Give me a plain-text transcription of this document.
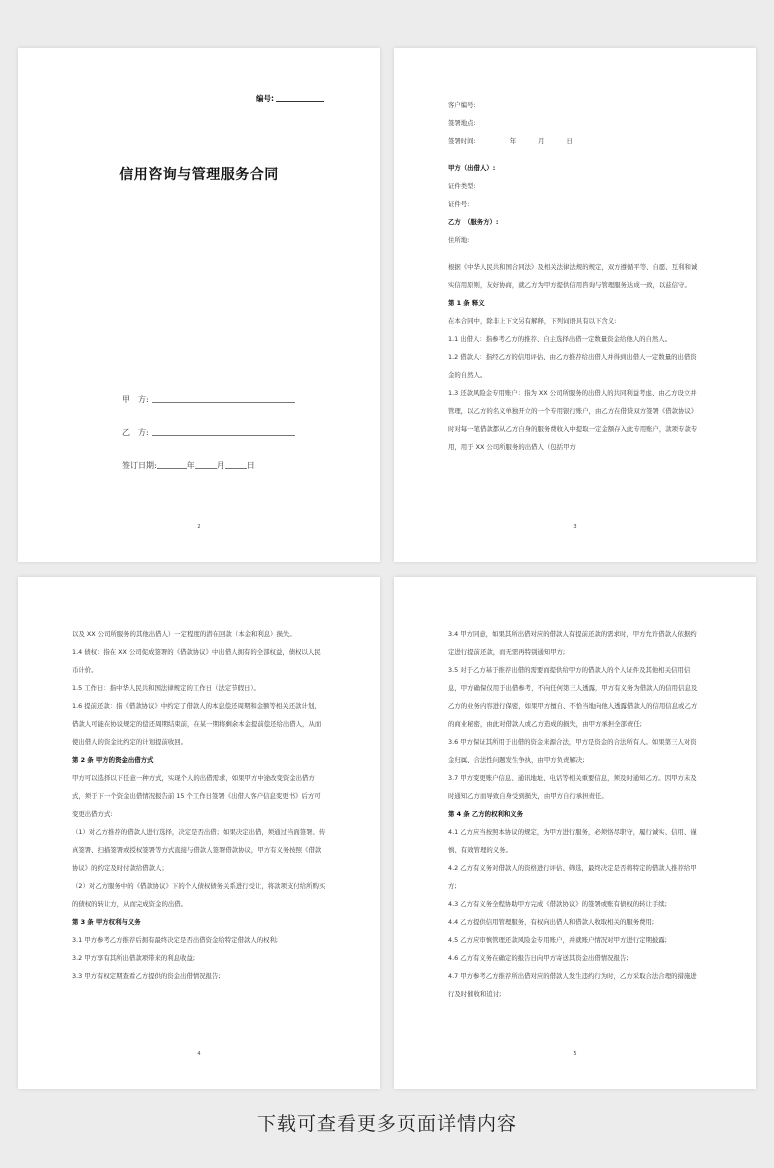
编号:
信用咨询与管理服务合同
甲　方:
乙　方:
签订日期:	年	月	日
2

客户编号:

签署地点:

签署时间:	年	月	日

甲方（出借人）:

证件类型:

证件号:

乙方　（服务方）:

住所地:

根据《中华人民共和国合同法》及相关法律法规的规定，双方遵循平等、自愿、互利和诚实信用原则，友好协商，就乙方为甲方提供信用咨询与管理服务达成一致，以兹信守。

第 1 条 释义

在本合同中，除非上下文另有解释，下列词语具有以下含义:

1.1 出借人：指参考乙方的推荐、自主选择出借一定数量资金给他人的自然人。

1.2 借款人：指经乙方的信用评估、由乙方推荐给出借人并得到出借人一定数量的出借资金的自然人。

1.3 还款风险金专用账户：指为 XX 公司所服务的出借人的共同利益考虑、由乙方设立并管理，以乙方的名义单独开立的一个专用银行账户，由乙方在借贷双方签署《借款协议》时对每一笔借款都从乙方自身的服务费收入中提取一定金额存入此专用账户，款项专款专用，用于 XX 公司所服务的出借人（包括甲方

3

以及 XX 公司所服务的其他出借人）一定程度的潜在回款（本金和利息）损失。

1.4 债权：指在 XX 公司促成签署的《借款协议》中出借人拥有的全部权益，债权以人民币计价。

1.5 工作日：指中华人民共和国法律规定的工作日（法定节假日）。

1.6 提前还款：指《借款协议》中约定了借款人的本息偿还周期和金额等相关还款计划，借款人可能在协议规定的偿还周期结束前，在某一期将剩余本金提前偿还给出借人，从而使出借人的资金比约定的计划提前收回。

第 2 条 甲方的资金出借方式

甲方可以选择以下任意一种方式，实现个人的出借需求，如果甲方中途改变资金出借方式，须于下一个资金出借情况报告前 15 个工作日签署《出借人客户信息变更书》后方可变更出借方式:

（1）对乙方推荐的借款人进行选择，决定是否出借；如果决定出借，须通过当面签署、传真签署、扫描签署或授权签署等方式直接与借款人签署借款协议，甲方有义务按照《借款协议》的约定及时付款给借款人；

（2）对乙方服务中的《借款协议》下的个人债权债务关系进行受让，将款项支付给所购买的债权的转让方，从而完成资金的出借。

第 3 条 甲方权利与义务

3.1 甲方参考乙方推荐后拥有最终决定是否出借资金给特定借款人的权利;

3.2 甲方享有其所出借款项带来的利息收益;

3.3 甲方有权定期查看乙方提供的资金出借情况报告;

4

3.4 甲方同意，如果其所出借对应的借款人有提前还款的需求时，甲方允许借款人依据约定进行提前还款，而无需再特别通知甲方;

3.5 对于乙方基于推荐出借的需要而提供给甲方的借款人的个人证件及其他相关信用信息，甲方确保仅用于出借参考，不向任何第三人透露，甲方有义务为借款人的信用信息及乙方的业务内容进行保密，如果甲方擅自、不恰当地向他人透露借款人的信用信息或乙方的商业秘密，由此对借款人或乙方造成的损失，由甲方承担全部责任;

3.6 甲方保证其所用于出借的资金来源合法，甲方是资金的合法所有人。如果第三人对资金归属、合法性问题发生争执，由甲方负责解决;

3.7 甲方变更账户信息、通讯地址、电话等相关重要信息，须及时通知乙方。因甲方未及时通知乙方而导致自身受到损失，由甲方自行承担责任。

第 4 条 乙方的权利和义务

4.1 乙方应当按照本协议的规定，为甲方进行服务，必须恪尽职守，履行诚实、信用、谨慎、有效管理的义务。

4.2 乙方有义务对借款人的资格进行评估、筛选，最终决定是否将特定的借款人推荐给甲方;

4.3 乙方有义务全程协助甲方完成《借款协议》的签署或账有债权的转让手续;

4.4 乙方提供信用管理服务，有权向出借人和借款人收取相关的服务费用;

4.5 乙方应审慎管理还款风险金专用账户，并就账户情况对甲方进行定期披露;

4.6 乙方有义务在确定的报告日向甲方寄送其资金出借情况报告;

4.7 甲方参考乙方推荐所出借对应的借款人发生违约行为时，乙方采取合法合理的措施进行及时催收和追讨;

5
下载可查看更多页面详情内容
